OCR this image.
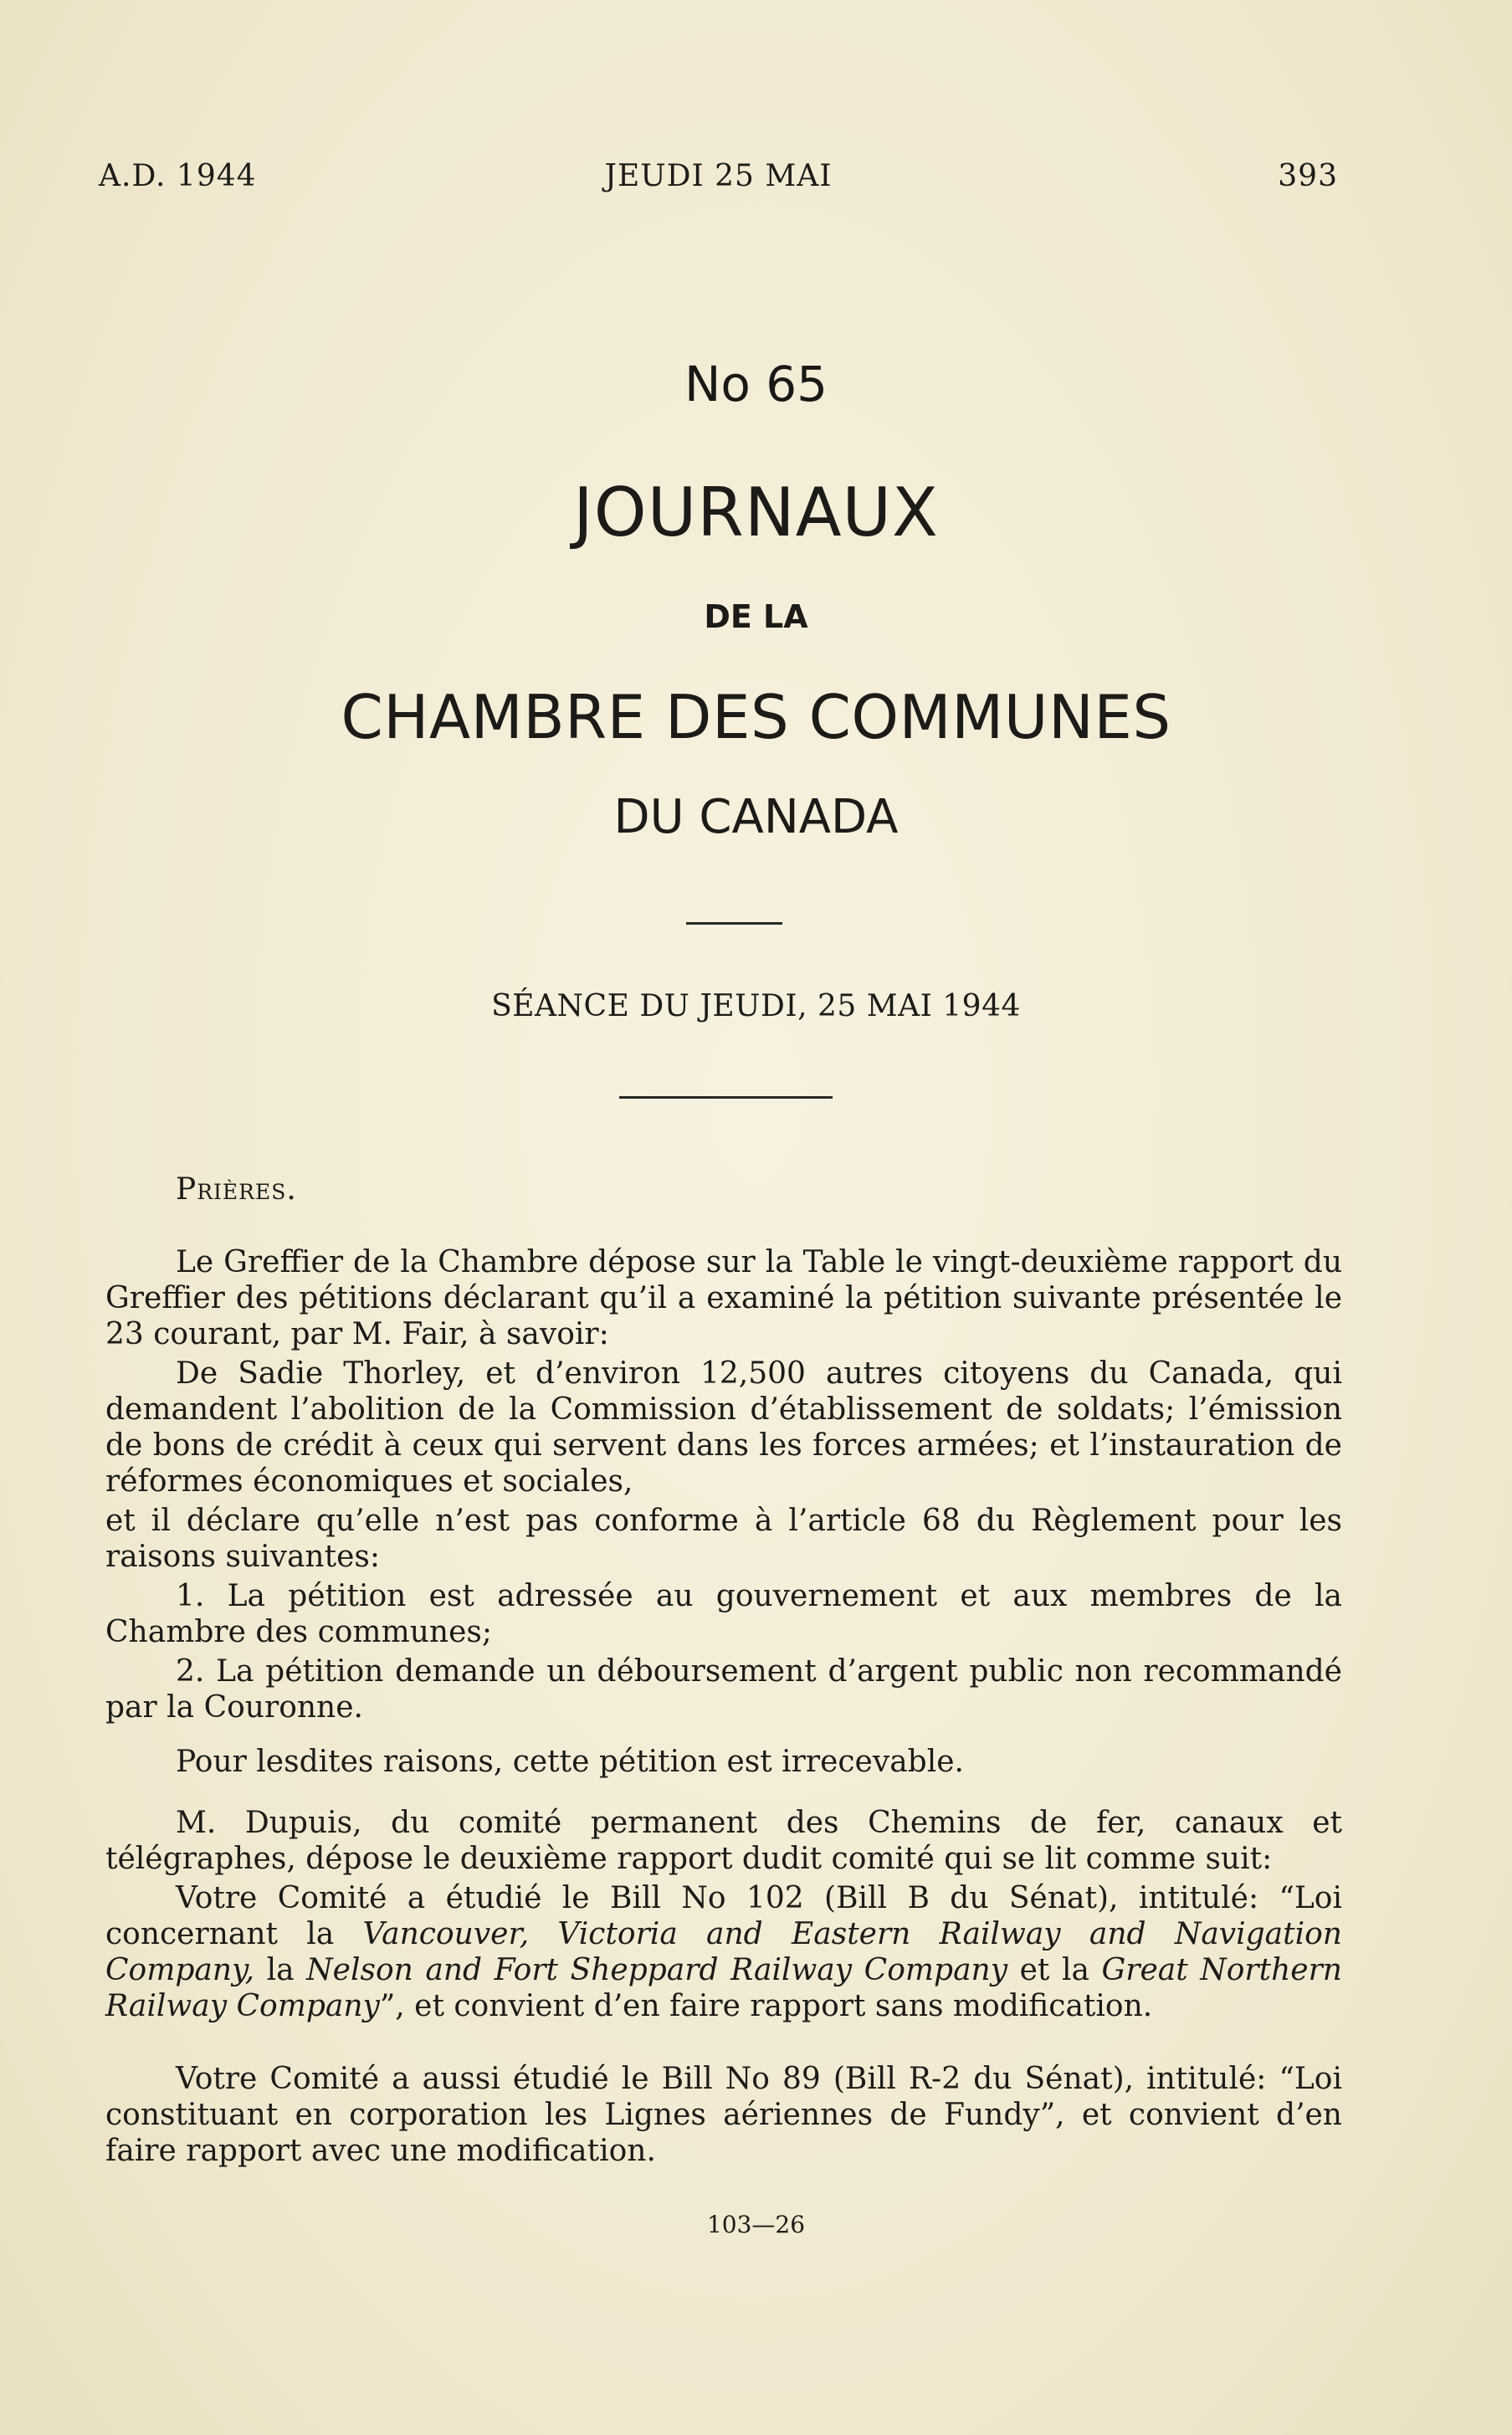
A.D. 1944	JEUDI 25 MAI	393
No 65
JOURNAUX
DE LA
CHAMBRE DES COMMUNES
DU CANADA
SÉANCE DU JEUDI, 25 MAI 1944

Prières.

Le Greffier de la Chambre dépose sur la Table le vingt-deuxième rapport du Greffier des pétitions déclarant qu’il a examiné la pétition suivante présentée le 23 courant, par M. Fair, à savoir:

De Sadie Thorley, et d’environ 12,500 autres citoyens du Canada, qui demandent l’abolition de la Commission d’établissement de soldats; l’émission de bons de crédit à ceux qui servent dans les forces armées; et l’instauration de réformes économiques et sociales,

et il déclare qu’elle n’est pas conforme à l’article 68 du Règlement pour les raisons suivantes:

1. La pétition est adressée au gouvernement et aux membres de la Chambre des communes;

2. La pétition demande un déboursement d’argent public non recommandé par la Couronne.

Pour lesdites raisons, cette pétition est irrecevable.

M. Dupuis, du comité permanent des Chemins de fer, canaux et télégraphes, dépose le deuxième rapport dudit comité qui se lit comme suit:

Votre Comité a étudié le Bill No 102 (Bill B du Sénat), intitulé: “Loi concernant la Vancouver, Victoria and Eastern Railway and Navigation Company, la Nelson and Fort Sheppard Railway Company et la Great Northern Railway Company”, et convient d’en faire rapport sans modification.

Votre Comité a aussi étudié le Bill No 89 (Bill R-2 du Sénat), intitulé: “Loi constituant en corporation les Lignes aériennes de Fundy”, et convient d’en faire rapport avec une modification.

103—26
